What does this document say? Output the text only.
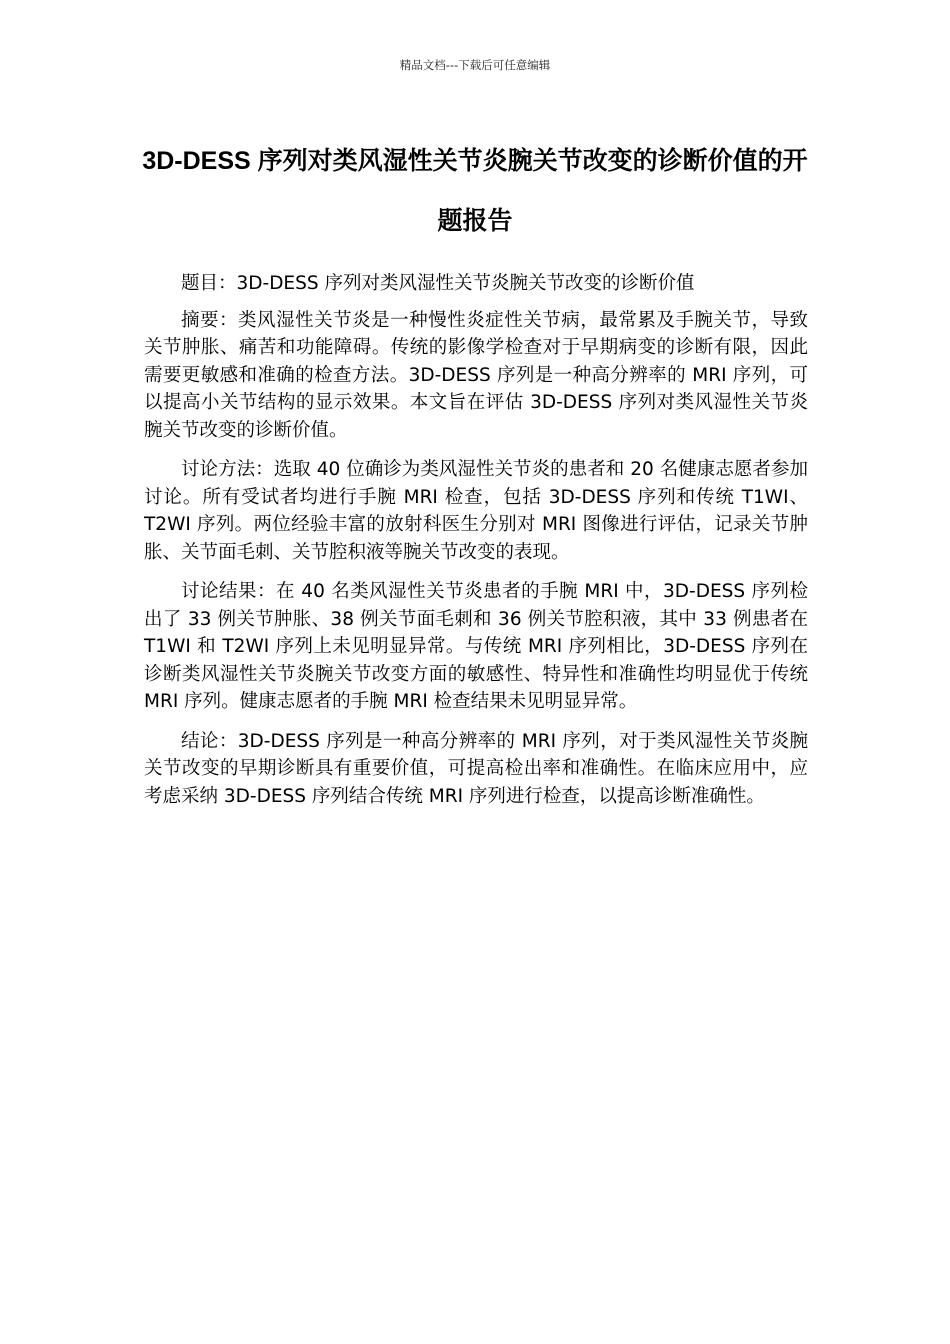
精品文档---下载后可任意编辑
3D-DESS 序列对类风湿性关节炎腕关节改变的诊断价值的开题报告

题目：3D-DESS 序列对类风湿性关节炎腕关节改变的诊断价值

摘要：类风湿性关节炎是一种慢性炎症性关节病，最常累及手腕关节，导致关节肿胀、痛苦和功能障碍。传统的影像学检查对于早期病变的诊断有限，因此需要更敏感和准确的检查方法。3D-DESS 序列是一种高分辨率的 MRI 序列，可以提高小关节结构的显示效果。本文旨在评估 3D-DESS 序列对类风湿性关节炎腕关节改变的诊断价值。

讨论方法：选取 40 位确诊为类风湿性关节炎的患者和 20 名健康志愿者参加讨论。所有受试者均进行手腕 MRI 检查，包括 3D-DESS 序列和传统 T1WI、T2WI 序列。两位经验丰富的放射科医生分别对 MRI 图像进行评估，记录关节肿胀、关节面毛刺、关节腔积液等腕关节改变的表现。

讨论结果：在 40 名类风湿性关节炎患者的手腕 MRI 中，3D-DESS 序列检出了 33 例关节肿胀、38 例关节面毛刺和 36 例关节腔积液，其中 33 例患者在 T1WI 和 T2WI 序列上未见明显异常。与传统 MRI 序列相比，3D-DESS 序列在诊断类风湿性关节炎腕关节改变方面的敏感性、特异性和准确性均明显优于传统 MRI 序列。健康志愿者的手腕 MRI 检查结果未见明显异常。

结论：3D-DESS 序列是一种高分辨率的 MRI 序列，对于类风湿性关节炎腕关节改变的早期诊断具有重要价值，可提高检出率和准确性。在临床应用中，应考虑采纳 3D-DESS 序列结合传统 MRI 序列进行检查，以提高诊断准确性。
